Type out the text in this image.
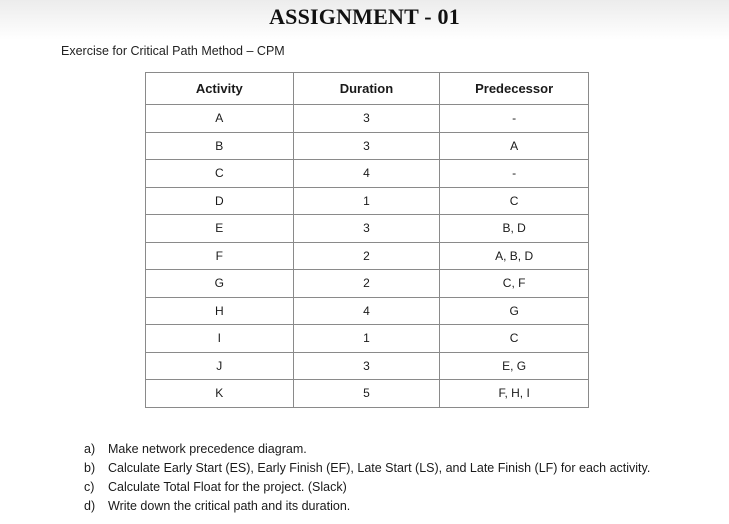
ASSIGNMENT - 01
Exercise for Critical Path Method – CPM
Activity	Duration	Predecessor
A	3	-
B	3	A
C	4	-
D	1	C
E	3	B, D
F	2	A, B, D
G	2	C, F
H	4	G
I	1	C
J	3	E, G
K	5	F, H, I
a) Make network precedence diagram.
b) Calculate Early Start (ES), Early Finish (EF), Late Start (LS), and Late Finish (LF) for each activity.
c) Calculate Total Float for the project. (Slack)
d) Write down the critical path and its duration.
